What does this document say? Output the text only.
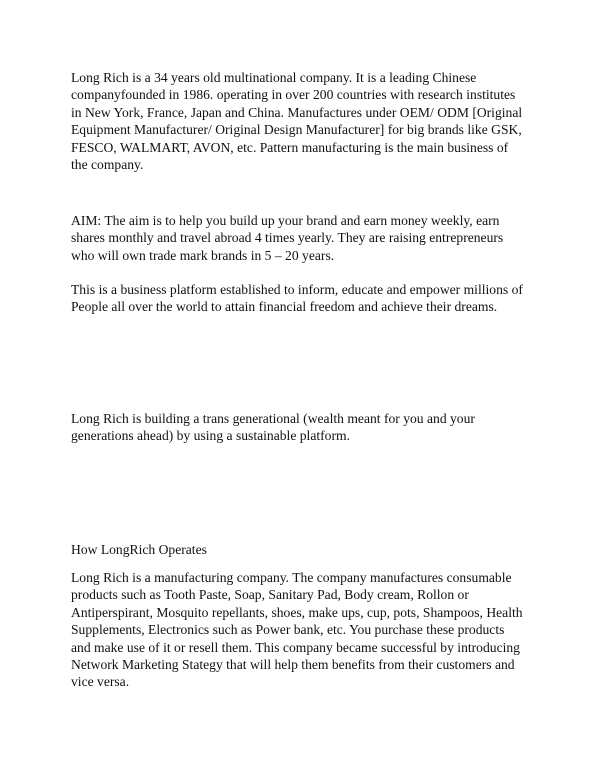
Long Rich is a 34 years old multinational company. It is a leading Chinese
companyfounded in 1986. operating in over 200 countries with research institutes
in New York, France, Japan and China. Manufactures under OEM/ ODM [Original
Equipment Manufacturer/ Original Design Manufacturer] for big brands like GSK,
FESCO, WALMART, AVON, etc. Pattern manufacturing is the main business of
the company.

AIM: The aim is to help you build up your brand and earn money weekly, earn
shares monthly and travel abroad 4 times yearly. They are raising entrepreneurs
who will own trade mark brands in 5 – 20 years.

This is a business platform established to inform, educate and empower millions of
People all over the world to attain financial freedom and achieve their dreams.

Long Rich is building a trans generational (wealth meant for you and your
generations ahead) by using a sustainable platform.

How LongRich Operates

Long Rich is a manufacturing company. The company manufactures consumable
products such as Tooth Paste, Soap, Sanitary Pad, Body cream, Rollon or
Antiperspirant, Mosquito repellants, shoes, make ups, cup, pots, Shampoos, Health
Supplements, Electronics such as Power bank, etc. You purchase these products
and make use of it or resell them. This company became successful by introducing
Network Marketing Stategy that will help them benefits from their customers and
vice versa.
